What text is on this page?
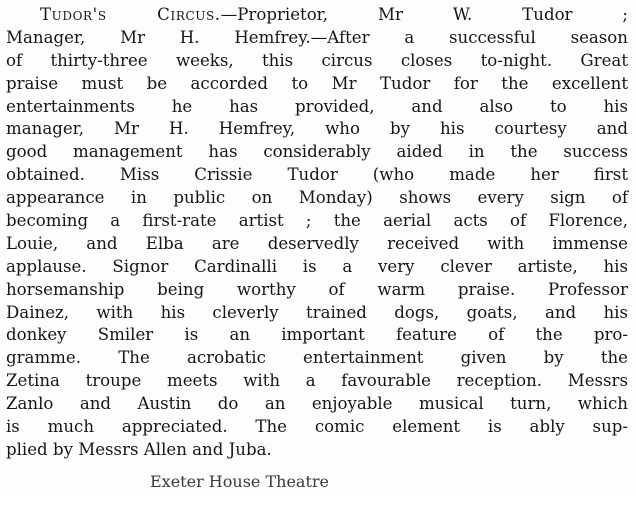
Tudor's Circus.—Proprietor, Mr W. Tudor ;
Manager, Mr H. Hemfrey.—After a successful season
of thirty-three weeks, this circus closes to-night. Great
praise must be accorded to Mr Tudor for the excellent
entertainments he has provided, and also to his
manager, Mr H. Hemfrey, who by his courtesy and
good management has considerably aided in the success
obtained. Miss Crissie Tudor (who made her first
appearance in public on Monday) shows every sign of
becoming a first-rate artist ; the aerial acts of Florence,
Louie, and Elba are deservedly received with immense
applause. Signor Cardinalli is a very clever artiste, his
horsemanship being worthy of warm praise. Professor
Dainez, with his cleverly trained dogs, goats, and his
donkey Smiler is an important feature of the pro-
gramme. The acrobatic entertainment given by the
Zetina troupe meets with a favourable reception. Messrs
Zanlo and Austin do an enjoyable musical turn, which
is much appreciated. The comic element is ably sup-
plied by Messrs Allen and Juba.
Exeter House Theatre
